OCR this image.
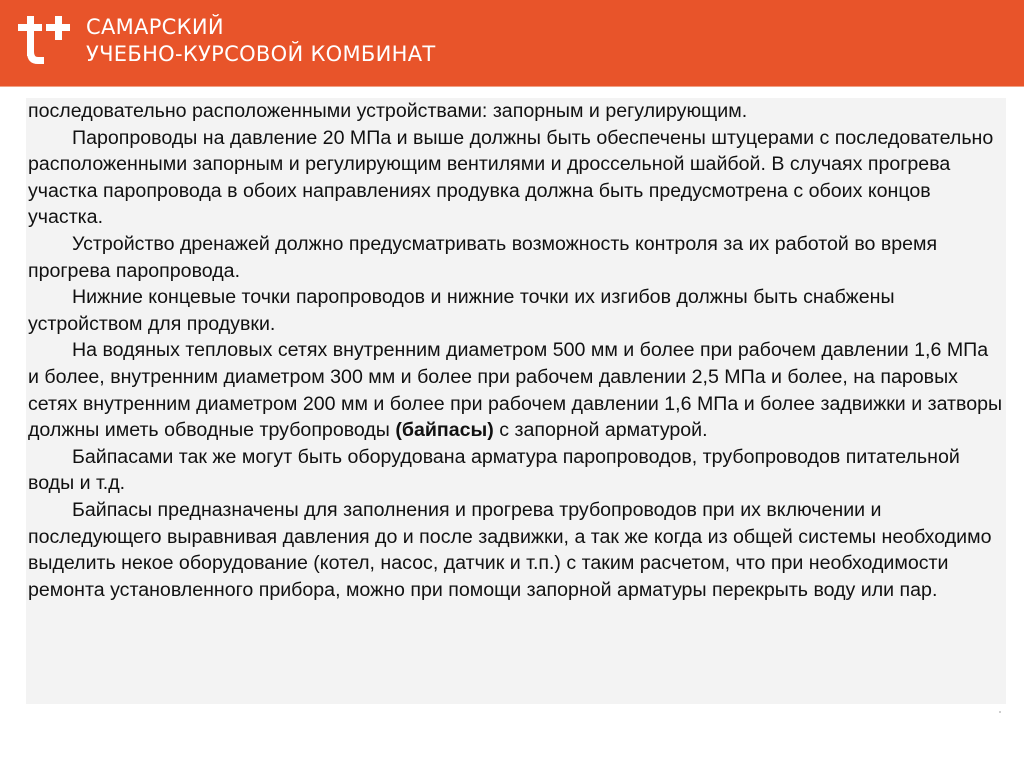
САМАРСКИЙ
УЧЕБНО-КУРСОВОЙ КОМБИНАТ

последовательно расположенными устройствами: запорным и регулирующим.

Паропроводы на давление 20 МПа и выше должны быть обеспечены штуцерами с последовательно расположенными запорным и регулирующим вентилями и дроссельной шайбой. В случаях прогрева участка паропровода в обоих направлениях продувка должна быть предусмотрена с обоих концов участка.

Устройство дренажей должно предусматривать возможность контроля за их работой во время прогрева паропровода.

Нижние концевые точки паропроводов и нижние точки их изгибов должны быть снабжены устройством для продувки.

На водяных тепловых сетях внутренним диаметром 500 мм и более при рабочем давлении 1,6 МПа и более, внутренним диаметром 300 мм и более при рабочем давлении 2,5 МПа и более, на паровых сетях внутренним диаметром 200 мм и более при рабочем давлении 1,6 МПа и более задвижки и затворы должны иметь обводные трубопроводы (байпасы) с запорной арматурой.

Байпасами так же могут быть оборудована арматура паропроводов, трубопроводов питательной воды и т.д.

Байпасы предназначены для заполнения и прогрева трубопроводов при их включении и последующего выравнивая давления до и после задвижки, а так же когда из общей системы необходимо выделить некое оборудование (котел, насос, датчик и т.п.) с таким расчетом, что при необходимости ремонта установленного прибора, можно при помощи запорной арматуры перекрыть воду или пар.
